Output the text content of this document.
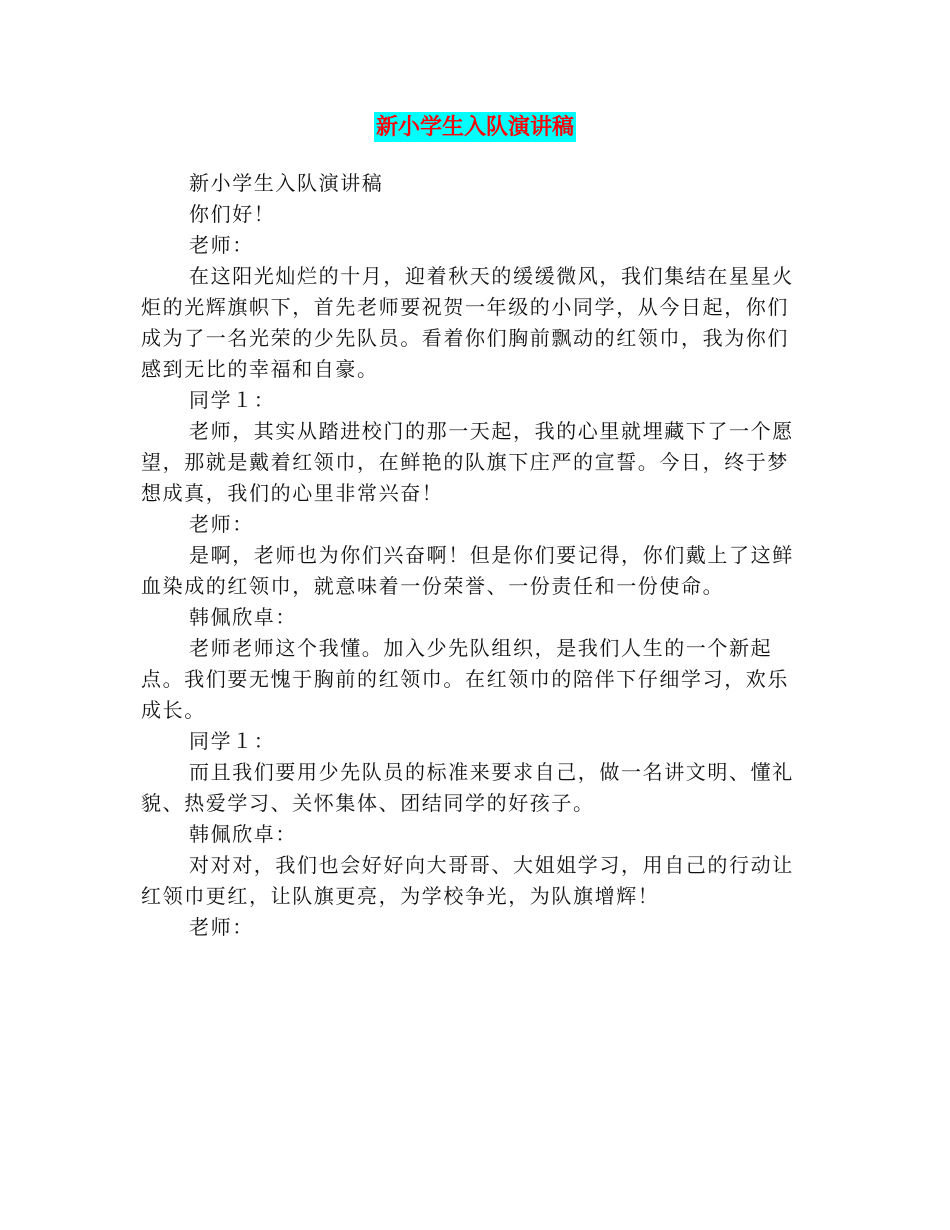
新小学生入队演讲稿

新小学生入队演讲稿

你们好！

老师：

在这阳光灿烂的十月，迎着秋天的缓缓微风，我们集结在星星火炬的光辉旗帜下，首先老师要祝贺一年级的小同学，从今日起，你们成为了一名光荣的少先队员。看着你们胸前飘动的红领巾，我为你们感到无比的幸福和自豪。

同学１：

老师，其实从踏进校门的那一天起，我的心里就埋藏下了一个愿望，那就是戴着红领巾，在鲜艳的队旗下庄严的宣誓。今日，终于梦想成真，我们的心里非常兴奋！

老师：

是啊，老师也为你们兴奋啊！但是你们要记得，你们戴上了这鲜血染成的红领巾，就意味着一份荣誉、一份责任和一份使命。

韩佩欣卓：

老师老师这个我懂。加入少先队组织，是我们人生的一个新起点。我们要无愧于胸前的红领巾。在红领巾的陪伴下仔细学习，欢乐成长。

同学１：

而且我们要用少先队员的标准来要求自己，做一名讲文明、懂礼貌、热爱学习、关怀集体、团结同学的好孩子。

韩佩欣卓：

对对对，我们也会好好向大哥哥、大姐姐学习，用自己的行动让红领巾更红，让队旗更亮，为学校争光，为队旗增辉！

老师：
